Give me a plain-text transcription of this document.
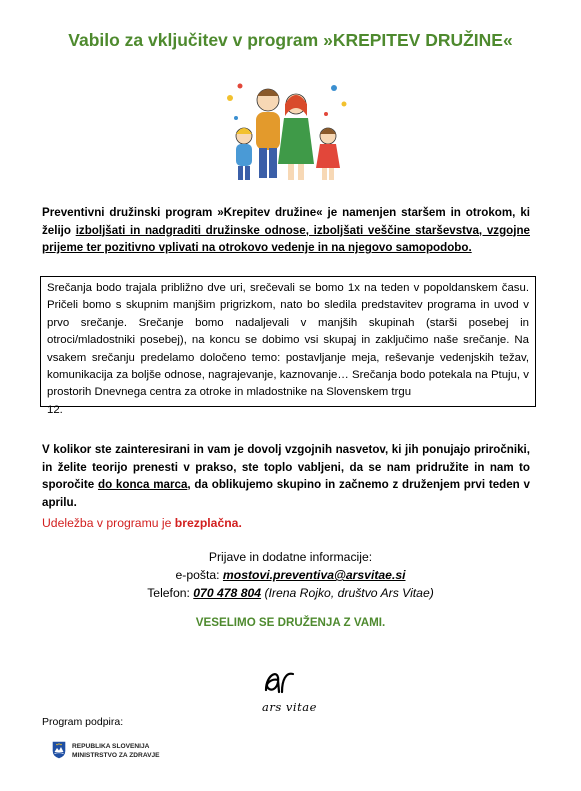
Vabilo za vključitev v program »KREPITEV DRUŽINE«
Preventivni družinski program »Krepitev družine« je namenjen staršem in otrokom, ki želijo izboljšati in nadgraditi družinske odnose, izboljšati veščine starševstva, vzgojne prijeme ter pozitivno vplivati na otrokovo vedenje in na njegovo samopodobo.
Srečanja bodo trajala približno dve uri, srečevali se bomo 1x na teden v popoldanskem času. Pričeli bomo s skupnim manjšim prigrizkom, nato bo sledila predstavitev programa in uvod v prvo srečanje. Srečanje bomo nadaljevali v manjših skupinah (starši posebej in otroci/mladostniki posebej), na koncu se dobimo vsi skupaj in zaključimo naše srečanje. Na vsakem srečanju predelamo določeno temo: postavljanje meja, reševanje vedenjskih težav, komunikacija za boljše odnose, nagrajevanje, kaznovanje… Srečanja bodo potekala na Ptuju, v prostorih Dnevnega centra za otroke in mladostnike na Slovenskem trgu
12.
V kolikor ste zainteresirani in vam je dovolj vzgojnih nasvetov, ki jih ponujajo priročniki, in želite teorijo prenesti v prakso, ste toplo vabljeni, da se nam pridružite in nam to sporočite do konca marca, da oblikujemo skupino in začnemo z druženjem prvi teden v aprilu.
Udeležba v programu je brezplačna.
Prijave in dodatne informacije:
e-pošta: mostovi.preventiva@arsvitae.si
Telefon: 070 478 804 (Irena Rojko, društvo Ars Vitae)
VESELIMO SE DRUŽENJA Z VAMI.
ars vitae
Program podpira:
REPUBLIKA SLOVENIJA
MINISTRSTVO ZA ZDRAVJE
